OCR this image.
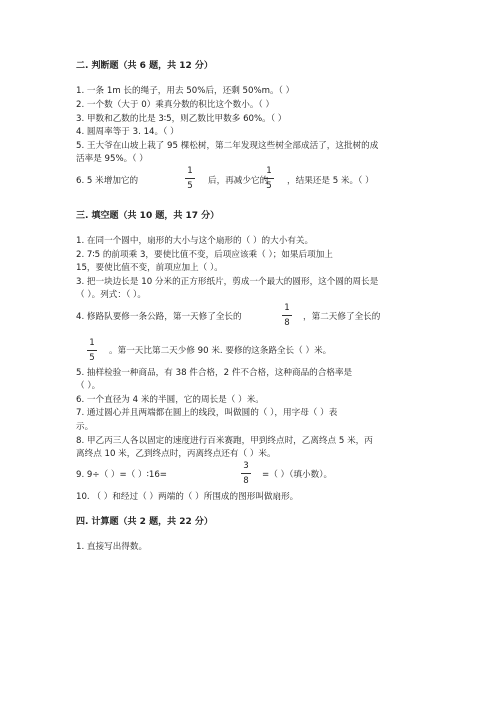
二. 判断题（共 6 题，共 12 分）
1. 一条 1m 长的绳子，用去 50%后，还剩 50%m。（ ）
2. 一个数（大于 0）乘真分数的积比这个数小。（ ）
3. 甲数和乙数的比是 3∶5，则乙数比甲数多 60%。（ ）
4. 圆周率等于 3. 14。（ ）
5. 王大爷在山坡上栽了 95 棵松树，第二年发现这些树全部成活了，这批树的成
活率是 95%。（ ）
6. 5 米增加它的
1
5	后，再减少它的
1
5	，结果还是 5 米。（ ）
三. 填空题（共 10 题，共 17 分）
1. 在同一个圆中，扇形的大小与这个扇形的（ ）的大小有关。
2. 7∶5 的前项乘 3，要使比值不变，后项应该乘（ ）；如果后项加上
15，要使比值不变，前项应加上（ ）。
3. 把一块边长是 10 分米的正方形纸片，剪成一个最大的圆形，这个圆的周长是
（ ）。列式：（ ）。
4. 修路队要修一条公路，第一天修了全长的
1
8
，第二天修了全长的
1
5
。第一天比第二天少修 90 米. 要修的这条路全长（ ）米。
5. 抽样检验一种商品，有 38 件合格，2 件不合格，这种商品的合格率是
（ ）。
6. 一个直径为 4 米的半圆，它的周长是（ ）米。
7. 通过圆心并且两端都在圆上的线段，叫做圆的（ ），用字母（ ）表
示。
8. 甲乙丙三人各以固定的速度进行百米赛跑，甲到终点时，乙离终点 5 米，丙
离终点 10 米，乙到终点时，丙离终点还有（ ）米。
9. 9÷（ ）=（ ）∶16=
3
8
=（ ）（填小数）。
10. （ ）和经过（ ）两端的（ ）所围成的图形叫做扇形。
四. 计算题（共 2 题，共 22 分）
1. 直接写出得数。
